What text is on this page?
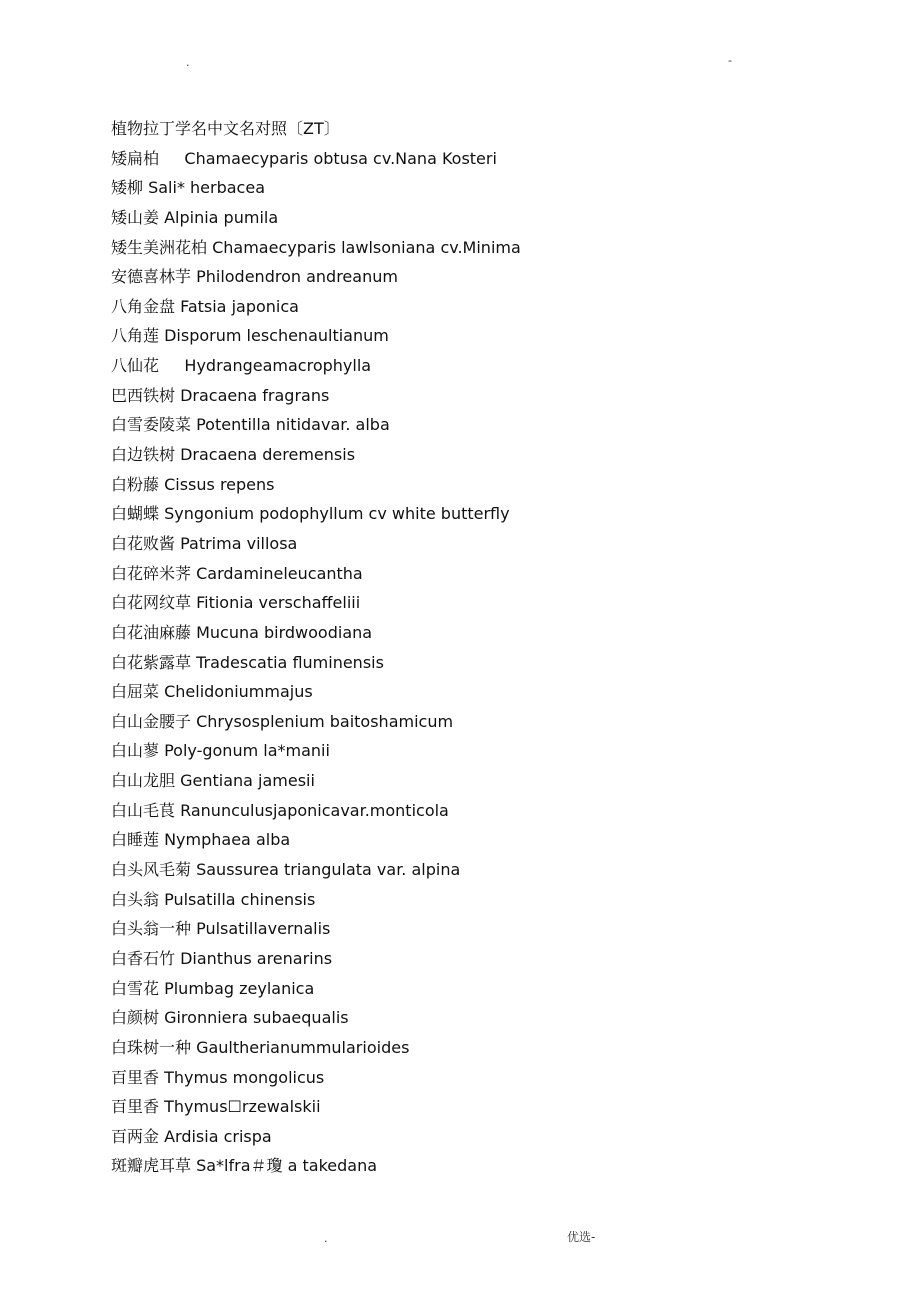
.	-
植物拉丁学名中文名对照〔ZT〕
矮扁柏     Chamaecyparis obtusa cv.Nana Kosteri
矮柳 Sali* herbacea
矮山姜 Alpinia pumila
矮生美洲花柏 Chamaecyparis lawlsoniana cv.Minima
安德喜林芋 Philodendron andreanum
八角金盘 Fatsia japonica
八角莲 Disporum leschenaultianum
八仙花     Hydrangeamacrophylla
巴西铁树 Dracaena fragrans
白雪委陵菜 Potentilla nitidavar. alba
白边铁树 Dracaena deremensis
白粉藤 Cissus repens
白蝴蝶 Syngonium podophyllum cv white butterfly
白花败酱 Patrima villosa
白花碎米荠 Cardamineleucantha
白花网纹草 Fitionia verschaffeliii
白花油麻藤 Mucuna birdwoodiana
白花紫露草 Tradescatia fluminensis
白屈菜 Chelidoniummajus
白山金腰子 Chrysosplenium baitoshamicum
白山蓼 Poly-gonum la*manii
白山龙胆 Gentiana jamesii
白山毛茛 Ranunculusjaponicavar.monticola
白睡莲 Nymphaea alba
白头风毛菊 Saussurea triangulata var. alpina
白头翁 Pulsatilla chinensis
白头翁一种 Pulsatillavernalis
白香石竹 Dianthus arenarins
白雪花 Plumbag zeylanica
白颜树 Gironniera subaequalis
白珠树一种 Gaultherianummularioides
百里香 Thymus mongolicus
百里香 Thymus☐rzewalskii
百两金 Ardisia crispa
斑瓣虎耳草 Sa*lfra＃瓊 a takedana
.	优选-
